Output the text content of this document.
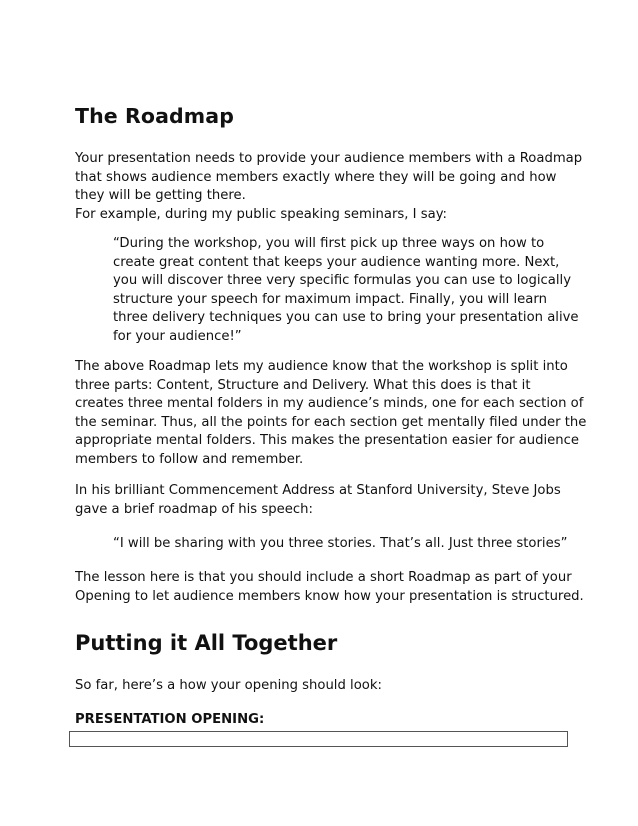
The Roadmap
Your presentation needs to provide your audience members with a Roadmap
that shows audience members exactly where they will be going and how
they will be getting there.
For example, during my public speaking seminars, I say:
“During the workshop, you will first pick up three ways on how to
create great content that keeps your audience wanting more. Next,
you will discover three very specific formulas you can use to logically
structure your speech for maximum impact. Finally, you will learn
three delivery techniques you can use to bring your presentation alive
for your audience!”
The above Roadmap lets my audience know that the workshop is split into
three parts: Content, Structure and Delivery. What this does is that it
creates three mental folders in my audience’s minds, one for each section of
the seminar. Thus, all the points for each section get mentally filed under the
appropriate mental folders. This makes the presentation easier for audience
members to follow and remember.
In his brilliant Commencement Address at Stanford University, Steve Jobs
gave a brief roadmap of his speech:
“I will be sharing with you three stories. That’s all. Just three stories”
The lesson here is that you should include a short Roadmap as part of your
Opening to let audience members know how your presentation is structured.
Putting it All Together
So far, here’s a how your opening should look:
PRESENTATION OPENING:
